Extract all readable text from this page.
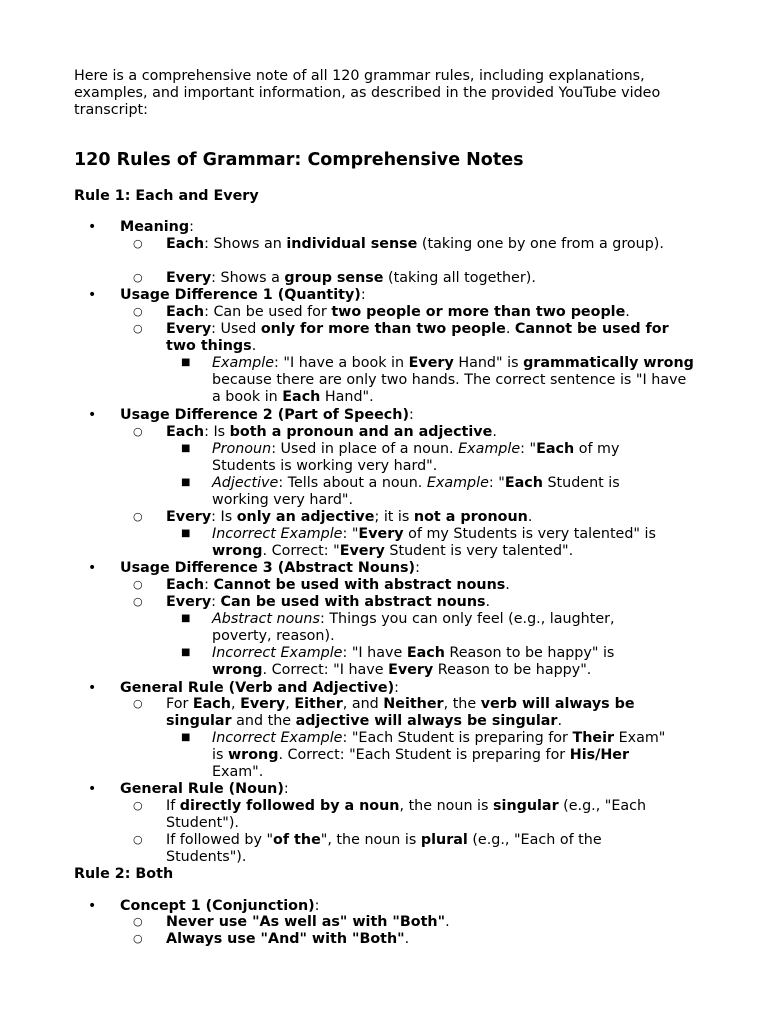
Here is a comprehensive note of all 120 grammar rules, including explanations, examples, and important information, as described in the provided YouTube video transcript:

120 Rules of Grammar: Comprehensive Notes
Rule 1: Each and Every
• Meaning:
○ Each: Shows an individual sense (taking one by one from a group).
○ Every: Shows a group sense (taking all together).
• Usage Difference 1 (Quantity):
○ Each: Can be used for two people or more than two people.
○ Every: Used only for more than two people. Cannot be used for two things.
■ Example: "I have a book in Every Hand" is grammatically wrong because there are only two hands. The correct sentence is "I have a book in Each Hand".
• Usage Difference 2 (Part of Speech):
○ Each: Is both a pronoun and an adjective.
■ Pronoun: Used in place of a noun. Example: "Each of my Students is working very hard".
■ Adjective: Tells about a noun. Example: "Each Student is working very hard".
○ Every: Is only an adjective; it is not a pronoun.
■ Incorrect Example: "Every of my Students is very talented" is wrong. Correct: "Every Student is very talented".
• Usage Difference 3 (Abstract Nouns):
○ Each: Cannot be used with abstract nouns.
○ Every: Can be used with abstract nouns.
■ Abstract nouns: Things you can only feel (e.g., laughter, poverty, reason).
■ Incorrect Example: "I have Each Reason to be happy" is wrong. Correct: "I have Every Reason to be happy".
• General Rule (Verb and Adjective):
○ For Each, Every, Either, and Neither, the verb will always be singular and the adjective will always be singular.
■ Incorrect Example: "Each Student is preparing for Their Exam" is wrong. Correct: "Each Student is preparing for His/Her Exam".
• General Rule (Noun):
○ If directly followed by a noun, the noun is singular (e.g., "Each Student").
○ If followed by "of the", the noun is plural (e.g., "Each of the Students").
Rule 2: Both
• Concept 1 (Conjunction):
○ Never use "As well as" with "Both".
○ Always use "And" with "Both".
